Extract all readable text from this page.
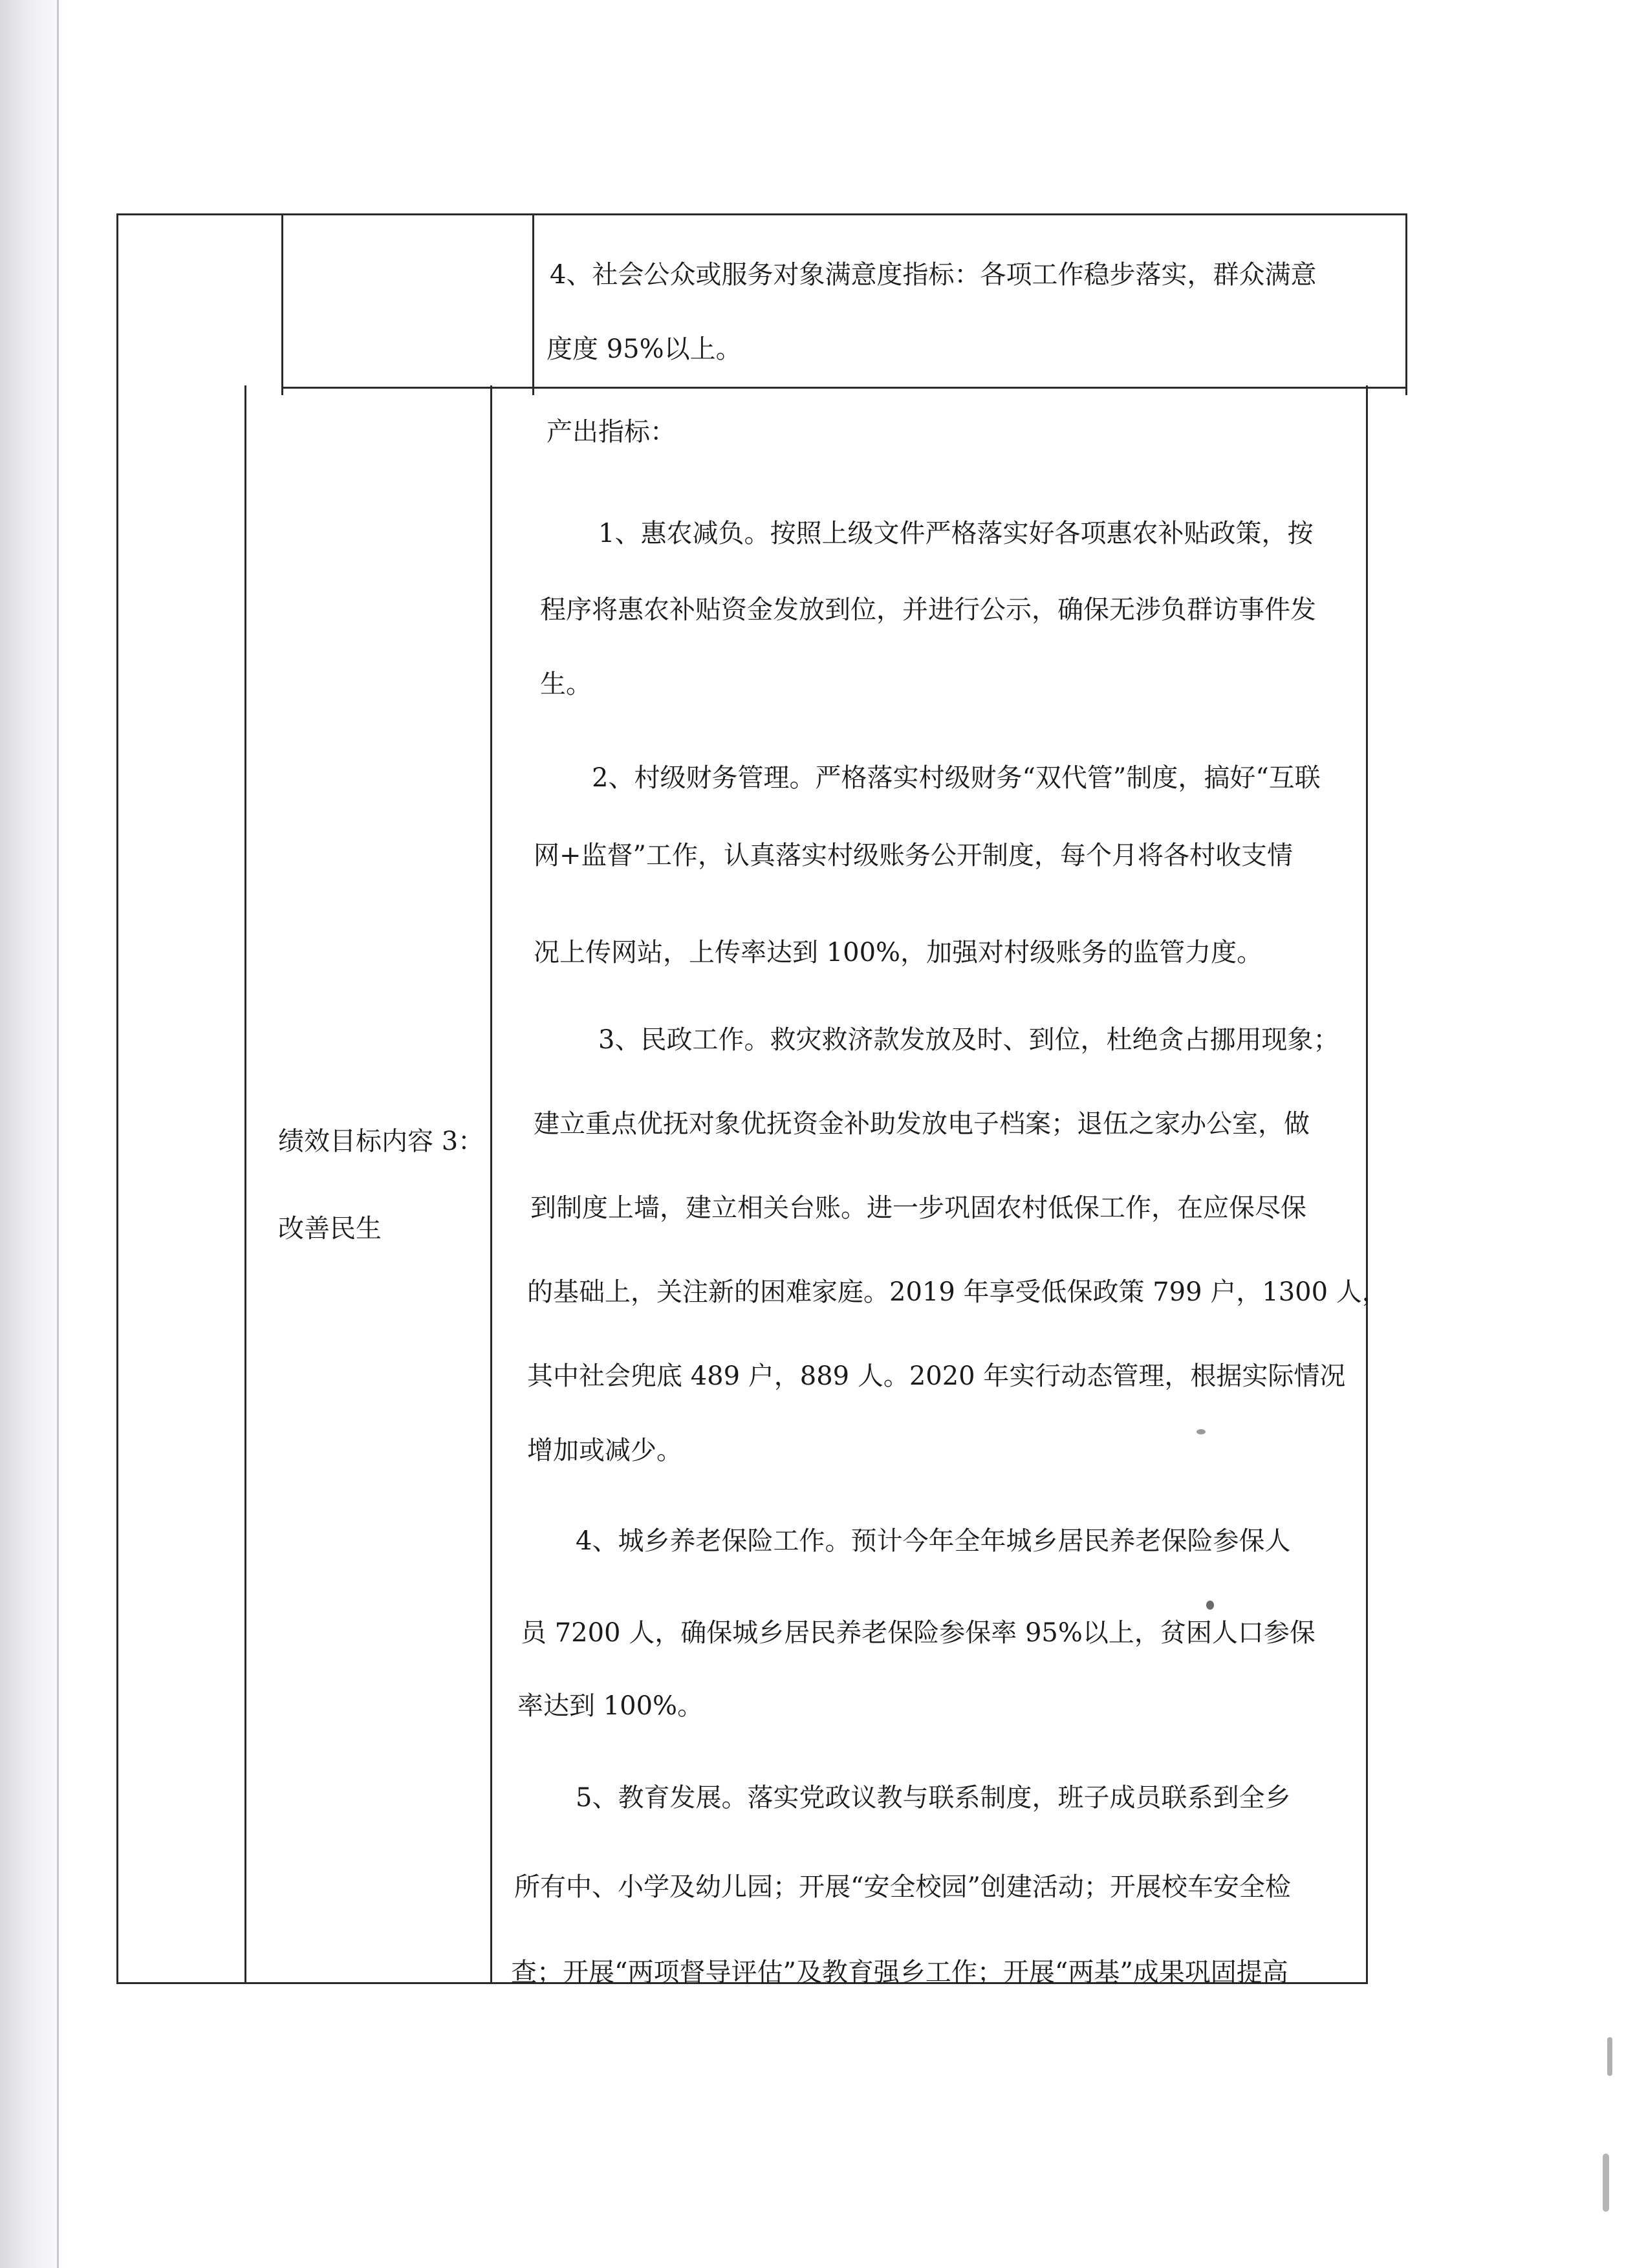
4、社会公众或服务对象满意度指标：各项工作稳步落实，群众满意
度度 95%以上。
绩效目标内容 3：
改善民生
产出指标：
1、惠农减负。按照上级文件严格落实好各项惠农补贴政策，按
程序将惠农补贴资金发放到位，并进行公示，确保无涉负群访事件发
生。
2、村级财务管理。严格落实村级财务“双代管”制度，搞好“互联
网+监督”工作，认真落实村级账务公开制度，每个月将各村收支情
况上传网站，上传率达到 100%，加强对村级账务的监管力度。
3、民政工作。救灾救济款发放及时、到位，杜绝贪占挪用现象；
建立重点优抚对象优抚资金补助发放电子档案；退伍之家办公室，做
到制度上墙，建立相关台账。进一步巩固农村低保工作，在应保尽保
的基础上，关注新的困难家庭。2019 年享受低保政策 799 户，1300 人，
其中社会兜底 489 户，889 人。2020 年实行动态管理，根据实际情况
增加或减少。
4、城乡养老保险工作。预计今年全年城乡居民养老保险参保人
员 7200 人，确保城乡居民养老保险参保率 95%以上，贫困人口参保
率达到 100%。
5、教育发展。落实党政议教与联系制度，班子成员联系到全乡
所有中、小学及幼儿园；开展“安全校园”创建活动；开展校车安全检
查；开展“两项督导评估”及教育强乡工作；开展“两基”成果巩固提高
